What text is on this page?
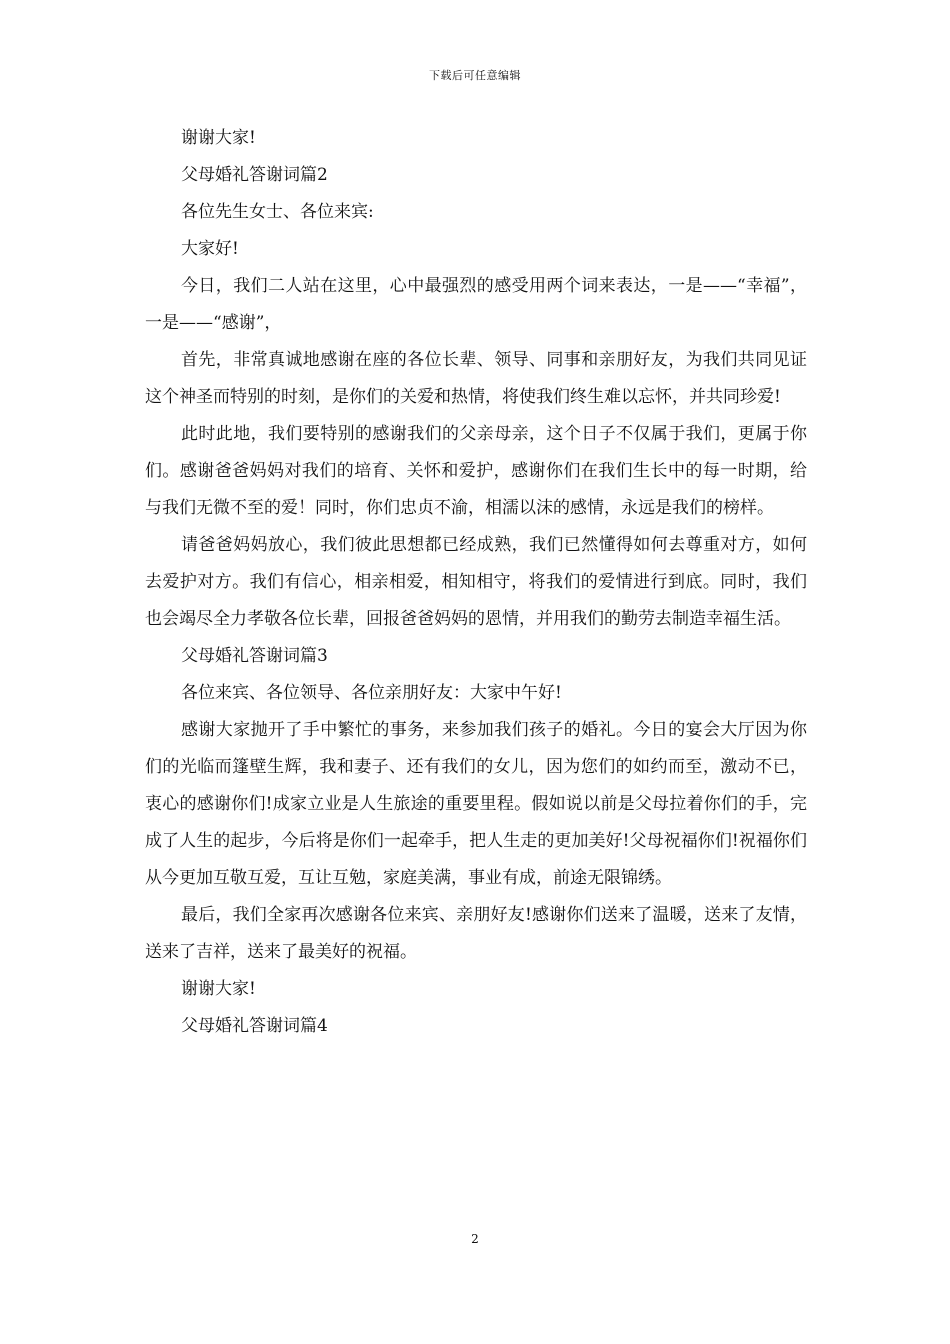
下载后可任意编辑

谢谢大家!

父母婚礼答谢词篇2

各位先生女士、各位来宾:

大家好!

今日，我们二人站在这里，心中最强烈的感受用两个词来表达，一是——“幸福”，一是——“感谢”，

首先，非常真诚地感谢在座的各位长辈、领导、同事和亲朋好友，为我们共同见证这个神圣而特别的时刻，是你们的关爱和热情，将使我们终生难以忘怀，并共同珍爱!

此时此地，我们要特别的感谢我们的父亲母亲，这个日子不仅属于我们，更属于你们。感谢爸爸妈妈对我们的培育、关怀和爱护，感谢你们在我们生长中的每一时期，给与我们无微不至的爱！同时，你们忠贞不渝，相濡以沫的感情，永远是我们的榜样。

请爸爸妈妈放心，我们彼此思想都已经成熟，我们已然懂得如何去尊重对方，如何去爱护对方。我们有信心，相亲相爱，相知相守，将我们的爱情进行到底。同时，我们也会竭尽全力孝敬各位长辈，回报爸爸妈妈的恩情，并用我们的勤劳去制造幸福生活。

父母婚礼答谢词篇3

各位来宾、各位领导、各位亲朋好友：大家中午好!

感谢大家抛开了手中繁忙的事务，来参加我们孩子的婚礼。今日的宴会大厅因为你们的光临而篷壁生辉，我和妻子、还有我们的女儿，因为您们的如约而至，激动不已，衷心的感谢你们!成家立业是人生旅途的重要里程。假如说以前是父母拉着你们的手，完成了人生的起步，今后将是你们一起牵手，把人生走的更加美好!父母祝福你们!祝福你们从今更加互敬互爱，互让互勉，家庭美满，事业有成，前途无限锦绣。

最后，我们全家再次感谢各位来宾、亲朋好友!感谢你们送来了温暖，送来了友情，送来了吉祥，送来了最美好的祝福。

谢谢大家!

父母婚礼答谢词篇4

2
